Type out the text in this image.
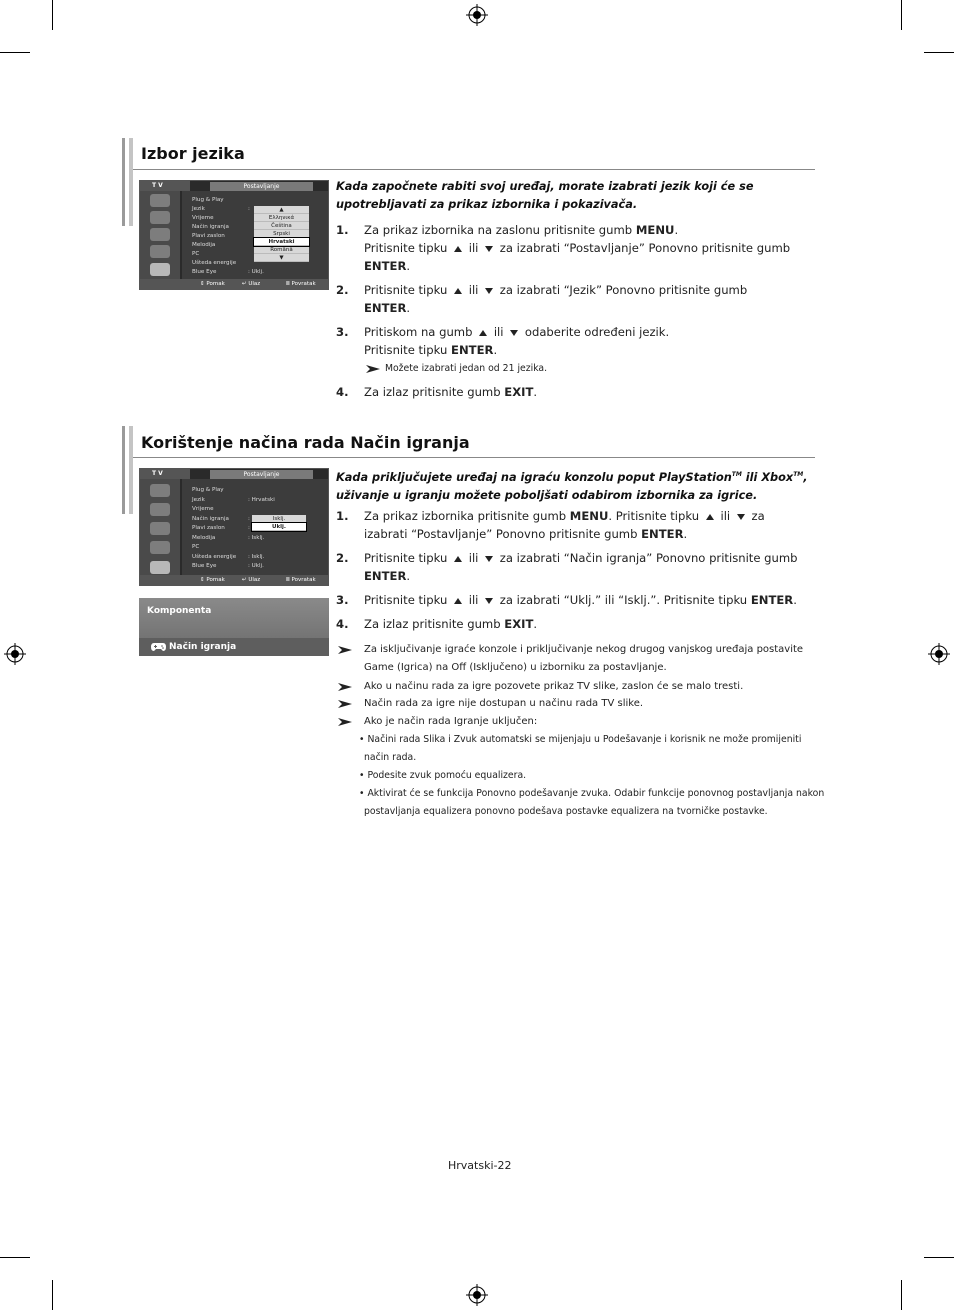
Izbor jezika
T V	Postavljanje
Plug & Play
Jezik	:
Vrijeme
Način igranja
Plavi zaslon
Melodija
PC
Ušteda energije
Blue Eye	: Uklj.
▲
Ελληνικά
Čeština
Srpski
Hrvatski
Română
▼
⇕ Pomak	↵ Ulaz	Ⅲ Povratak
Kada započnete rabiti svoj uređaj, morate izabrati jezik koji će se
upotrebljavati za prikaz izbornika i pokazivača.
1. Za prikaz izbornika na zaslonu pritisnite gumb MENU.
Pritisnite tipku  ili  za izabrati “Postavljanje” Ponovno pritisnite gumb
ENTER.
2. Pritisnite tipku  ili  za izabrati “Jezik” Ponovno pritisnite gumb
ENTER.
3. Pritiskom na gumb  ili  odaberite određeni jezik.
Pritisnite tipku ENTER.
4. Za izlaz pritisnite gumb EXIT.
Možete izabrati jedan od 21 jezika.
Korištenje načina rada Način igranja
T V	Postavljanje
Plug & Play
Jezik	: Hrvatski
Vrijeme
Način igranja	:
Plavi zaslon	:
Melodija	: Isklj.
PC
Ušteda energije : Isklj.
Blue Eye	: Uklj.
Isklj.
Uklj.
⇕ Pomak	↵ Ulaz	Ⅲ Povratak
Komponenta
Način igranja
Kada priključujete uređaj na igraću konzolu poput PlayStation™ ili Xbox™,
uživanje u igranju možete poboljšati odabirom izbornika za igrice.
1. Za prikaz izbornika pritisnite gumb MENU. Pritisnite tipku  ili  za
izabrati “Postavljanje” Ponovno pritisnite gumb ENTER.
2. Pritisnite tipku  ili  za izabrati “Način igranja” Ponovno pritisnite gumb
ENTER.
3. Pritisnite tipku  ili  za izabrati “Uklj.” ili “Isklj.”. Pritisnite tipku ENTER.
4. Za izlaz pritisnite gumb EXIT.
Za isključivanje igraće konzole i priključivanje nekog drugog vanjskog uređaja postavite
Game (Igrica) na Off (Isključeno) u izborniku za postavljanje.
Ako u načinu rada za igre pozovete prikaz TV slike, zaslon će se malo tresti.
Način rada za igre nije dostupan u načinu rada TV slike.
Ako je način rada Igranje uključen:
• Načini rada Slika i Zvuk automatski se mijenjaju u Podešavanje i korisnik ne može promijeniti
način rada.
• Podesite zvuk pomoću equalizera.
• Aktivirat će se funkcija Ponovno podešavanje zvuka. Odabir funkcije ponovnog postavljanja nakon
postavljanja equalizera ponovno podešava postavke equalizera na tvorničke postavke.
Hrvatski-22
